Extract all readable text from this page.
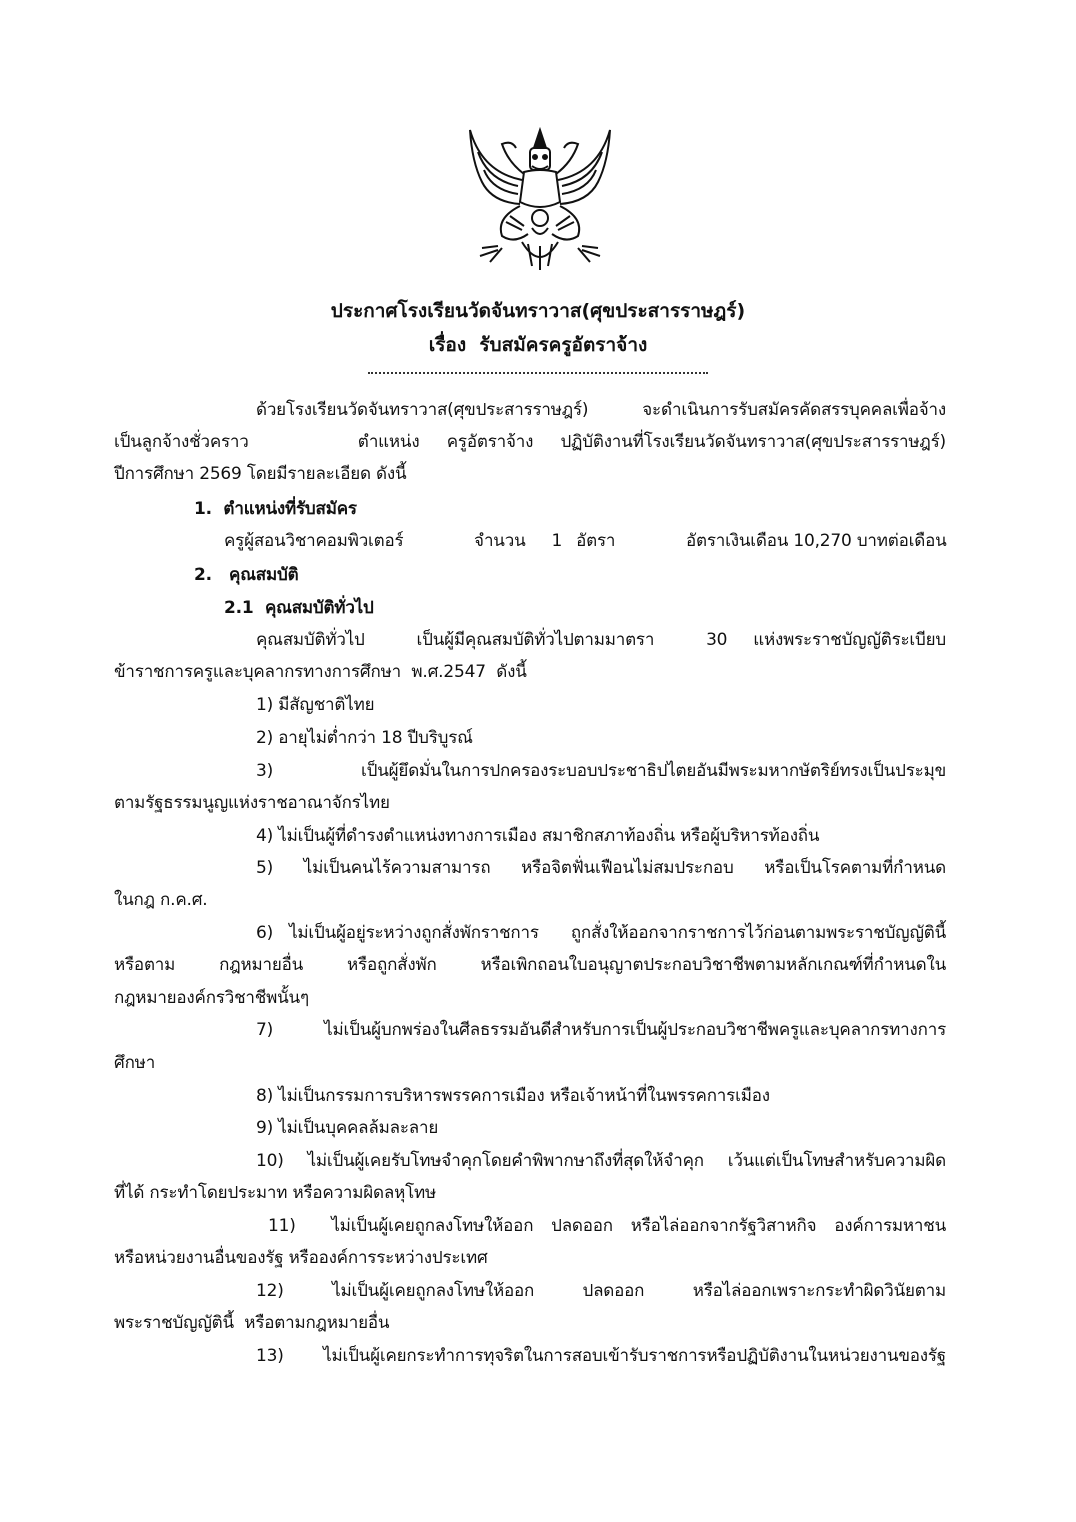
ประกาศโรงเรียนวัดจันทราวาส(ศุขประสารราษฎร์)
เรื่อง รับสมัครครูอัตราจ้าง
ด้วยโรงเรียนวัดจันทราวาส(ศุขประสารราษฎร์) จะดำเนินการรับสมัครคัดสรรบุคคลเพื่อจ้าง
เป็นลูกจ้างชั่วคราว    ตำแหน่ง ครูอัตราจ้าง ปฏิบัติงานที่โรงเรียนวัดจันทราวาส(ศุขประสารราษฎร์)
ปีการศึกษา 2569 โดยมีรายละเอียด ดังนี้
1. ตำแหน่งที่รับสมัคร
ครูผู้สอนวิชาคอมพิวเตอร์	จำนวน 1 อัตรา	อัตราเงินเดือน 10,270 บาทต่อเดือน
2. คุณสมบัติ
2.1 คุณสมบัติทั่วไป
คุณสมบัติทั่วไป  เป็นผู้มีคุณสมบัติทั่วไปตามมาตรา  30 แห่งพระราชบัญญัติระเบียบ
ข้าราชการครูและบุคลากรทางการศึกษา  พ.ศ.2547  ดังนี้
1) มีสัญชาติไทย
2) อายุไม่ต่ำกว่า 18 ปีบริบูรณ์
3) เป็นผู้ยึดมั่นในการปกครองระบอบประชาธิปไตยอันมีพระมหากษัตริย์ทรงเป็นประมุข
ตามรัฐธรรมนูญแห่งราชอาณาจักรไทย
4) ไม่เป็นผู้ที่ดำรงตำแหน่งทางการเมือง สมาชิกสภาท้องถิ่น หรือผู้บริหารท้องถิ่น
5) ไม่เป็นคนไร้ความสามารถ หรือจิตฟั่นเฟือนไม่สมประกอบ หรือเป็นโรคตามที่กำหนด
ในกฎ ก.ค.ศ.
6) ไม่เป็นผู้อยู่ระหว่างถูกสั่งพักราชการ  ถูกสั่งให้ออกจากราชการไว้ก่อนตามพระราชบัญญัตินี้
หรือตาม กฎหมายอื่น หรือถูกสั่งพัก หรือเพิกถอนใบอนุญาตประกอบวิชาชีพตามหลักเกณฑ์ที่กำหนดใน
กฎหมายองค์กรวิชาชีพนั้นๆ
7) ไม่เป็นผู้บกพร่องในศีลธรรมอันดีสำหรับการเป็นผู้ประกอบวิชาชีพครูและบุคลากรทางการ
ศึกษา
8) ไม่เป็นกรรมการบริหารพรรคการเมือง หรือเจ้าหน้าที่ในพรรคการเมือง
9) ไม่เป็นบุคคลล้มละลาย
10) ไม่เป็นผู้เคยรับโทษจำคุกโดยคำพิพากษาถึงที่สุดให้จำคุก เว้นแต่เป็นโทษสำหรับความผิด
ที่ได้ กระทำโดยประมาท หรือความผิดลหุโทษ
11)  ไม่เป็นผู้เคยถูกลงโทษให้ออก ปลดออก หรือไล่ออกจากรัฐวิสาหกิจ องค์การมหาชน
หรือหน่วยงานอื่นของรัฐ หรือองค์การระหว่างประเทศ
12) ไม่เป็นผู้เคยถูกลงโทษให้ออก ปลดออก หรือไล่ออกเพราะกระทำผิดวินัยตาม
พระราชบัญญัตินี้  หรือตามกฎหมายอื่น
13) ไม่เป็นผู้เคยกระทำการทุจริตในการสอบเข้ารับราชการหรือปฏิบัติงานในหน่วยงานของรัฐ
